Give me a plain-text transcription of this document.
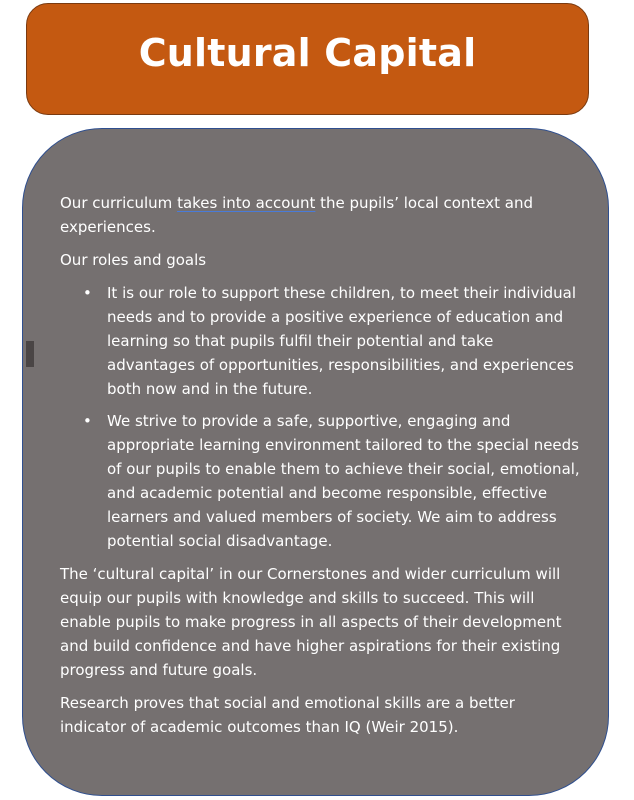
Cultural Capital

Our curriculum takes into account the pupils’ local context and experiences.

Our roles and goals

• It is our role to support these children, to meet their individual needs and to provide a positive experience of education and learning so that pupils fulfil their potential and take advantages of opportunities, responsibilities, and experiences both now and in the future.
• We strive to provide a safe, supportive, engaging and appropriate learning environment tailored to the special needs of our pupils to enable them to achieve their social, emotional, and academic potential and become responsible, effective learners and valued members of society. We aim to address potential social disadvantage.

The ‘cultural capital’ in our Cornerstones and wider curriculum will equip our pupils with knowledge and skills to succeed. This will enable pupils to make progress in all aspects of their development and build confidence and have higher aspirations for their existing progress and future goals.

Research proves that social and emotional skills are a better indicator of academic outcomes than IQ (Weir 2015).
